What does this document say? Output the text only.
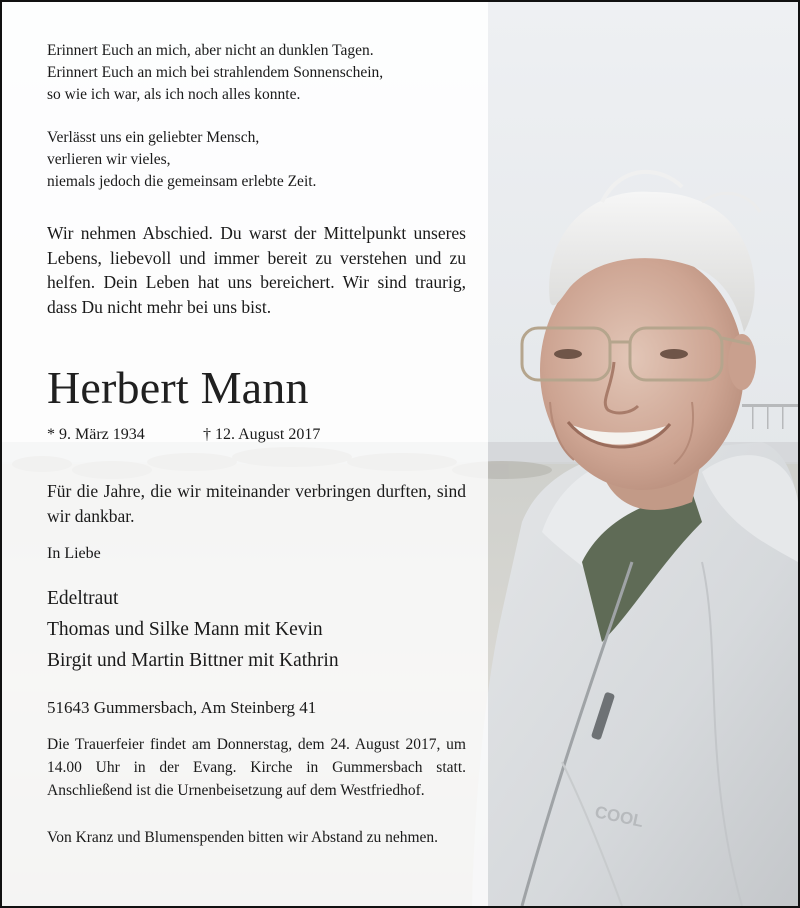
COOL

Erinnert Euch an mich, aber nicht an dunklen Tagen.

Erinnert Euch an mich bei strahlendem Sonnenschein,

so wie ich war, als ich noch alles konnte.

Verlässt uns ein geliebter Mensch,

verlieren wir vieles,

niemals jedoch die gemeinsam erlebte Zeit.

Wir nehmen Abschied. Du warst der Mittelpunkt unseres Lebens, liebevoll und immer bereit zu verstehen und zu helfen. Dein Leben hat uns bereichert. Wir sind traurig, dass Du nicht mehr bei uns bist.

Herbert Mann
* 9. März 1934	† 12. August 2017

Für die Jahre, die wir miteinander verbringen durften, sind wir dankbar.

In Liebe

Edeltraut

Thomas und Silke Mann mit Kevin

Birgit und Martin Bittner mit Kathrin

51643 Gummersbach, Am Steinberg 41

Die Trauerfeier findet am Donnerstag, dem 24. August 2017, um 14.00 Uhr in der Evang. Kirche in Gummersbach statt. Anschließend ist die Urnenbeisetzung auf dem Westfriedhof.

Von Kranz und Blumenspenden bitten wir Abstand zu nehmen.
